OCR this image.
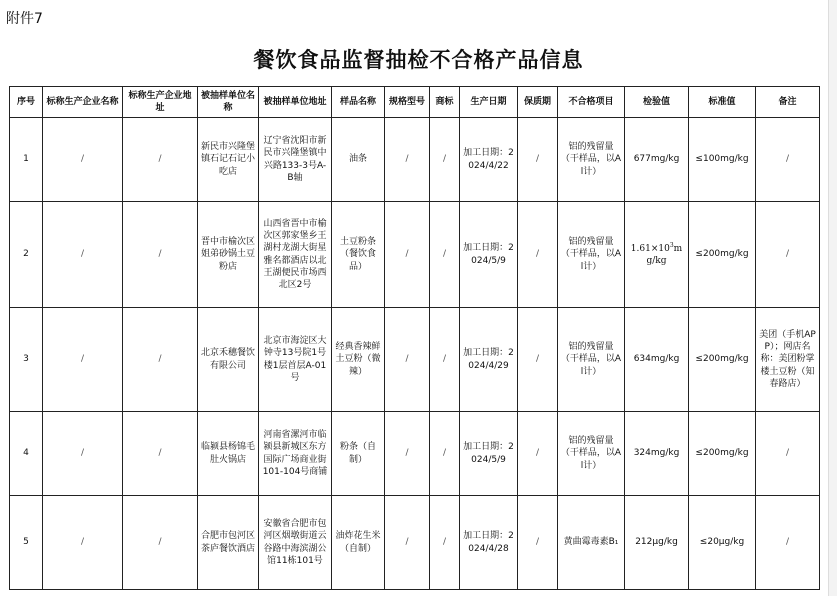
附件7
餐饮食品监督抽检不合格产品信息
序号	标称生产企业名称	标称生产企业地址	被抽样单位名称	被抽样单位地址	样品名称	规格型号	商标	生产日期	保质期	不合格项目	检验值	标准值	备注
1	/	/	新民市兴隆堡镇石记石记小吃店	辽宁省沈阳市新民市兴隆堡镇中兴路133-3号A-B轴	油条	/	/	加工日期：2024/4/22	/	铝的残留量（干样品，以Al计）	677mg/kg	≤100mg/kg	/
2	/	/	晋中市榆次区姐弟砂锅土豆粉店	山西省晋中市榆次区郭家堡乡王湖村龙湖大街星雅名都酒店以北王湖便民市场西北区2号	土豆粉条（餐饮食品）	/	/	加工日期：2024/5/9	/	铝的残留量（干样品，以Al计）	$1.61\times 10^3mg/kg$	≤200mg/kg	/
3	/	/	北京禾穗餐饮有限公司	北京市海淀区大钟寺13号院1号楼1层首层A-01号	经典香辣鲜土豆粉（微辣）	/	/	加工日期：2024/4/29	/	铝的残留量（干样品，以Al计）	634mg/kg	≤200mg/kg	美团（手机APP）；网店名称：美团粉掌楼土豆粉（知春路店）
4	/	/	临颍县杨锦毛肚火锅店	河南省漯河市临颍县新城区东方国际广场商业街101-104号商铺	粉条（自制）	/	/	加工日期：2024/5/9	/	铝的残留量（干样品，以Al计）	324mg/kg	≤200mg/kg	/
5	/	/	合肥市包河区茶庐餐饮酒店	安徽省合肥市包河区烟墩街道云谷路中海滨湖公馆11栋101号	油炸花生米（自制）	/	/	加工日期：2024/4/28	/	黄曲霉毒素B₁	212μg/kg	≤20μg/kg	/
